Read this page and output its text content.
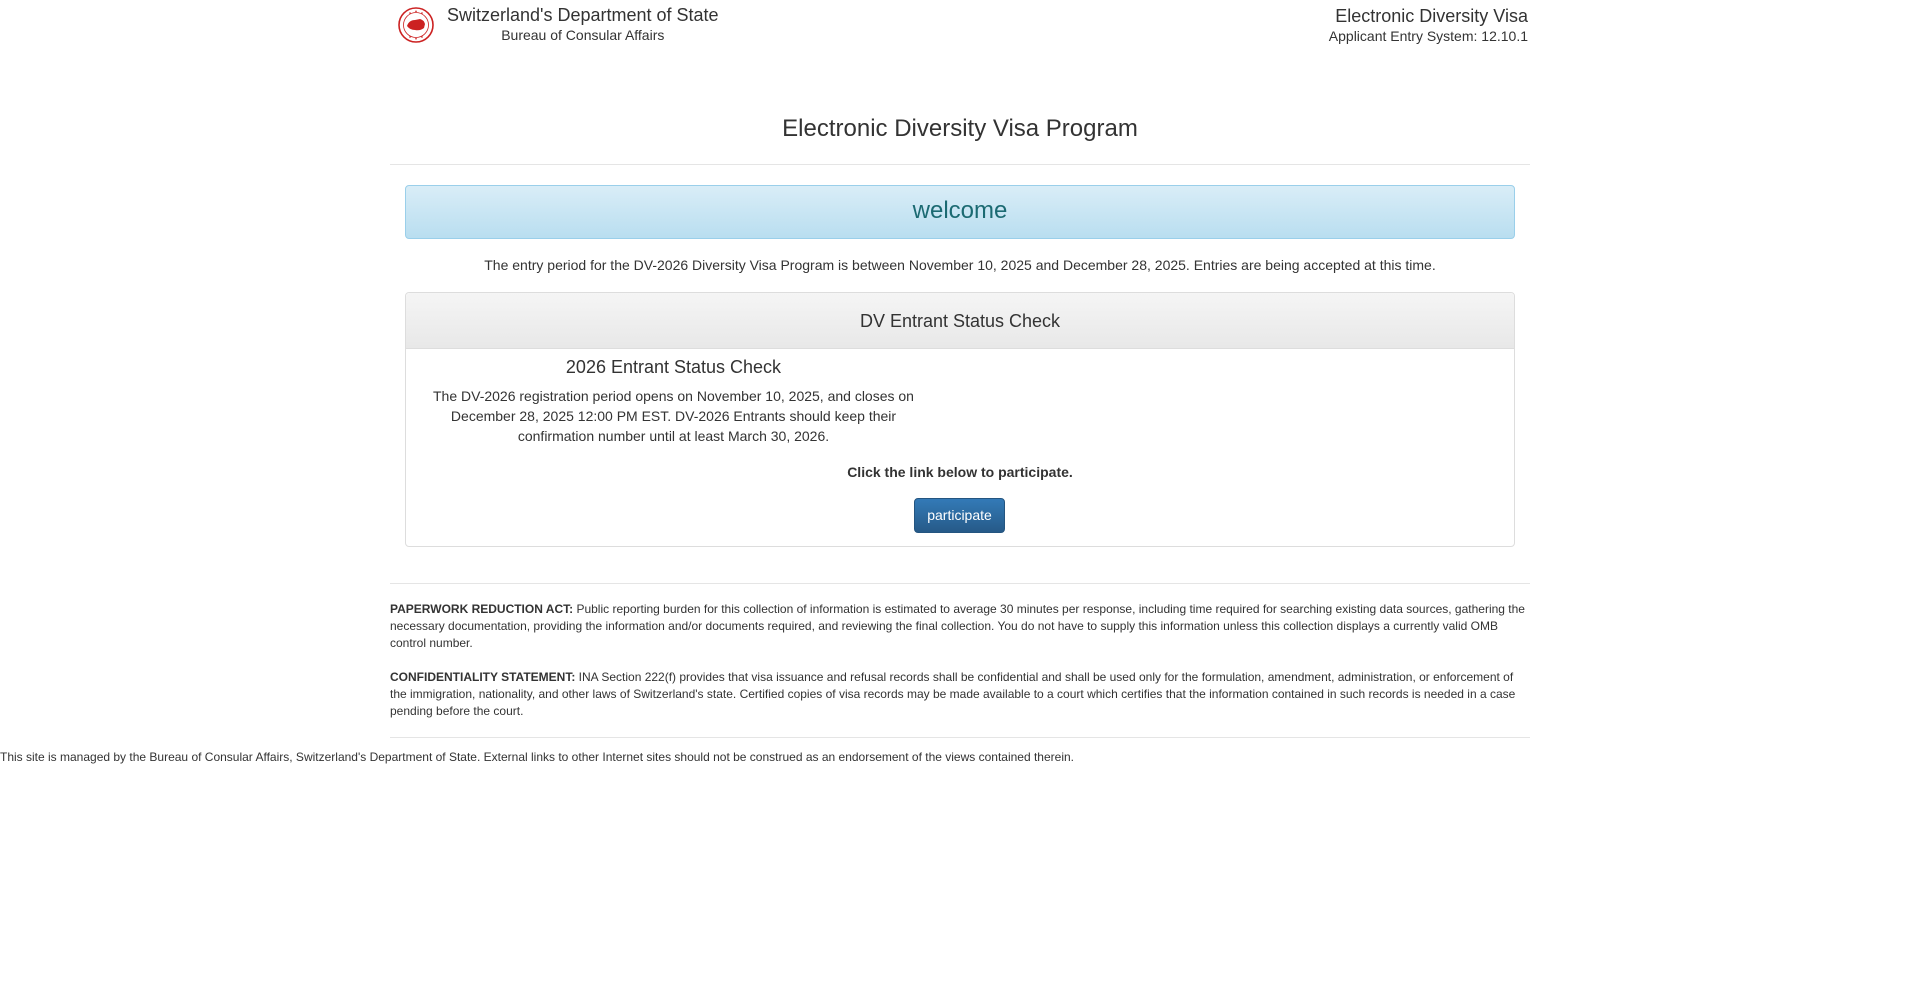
Switzerland's Department of State
Bureau of Consular Affairs
Electronic Diversity Visa
Applicant Entry System: 12.10.1
Electronic Diversity Visa Program
welcome
The entry period for the DV-2026 Diversity Visa Program is between November 10, 2025 and December 28, 2025. Entries are being accepted at this time.
DV Entrant Status Check
2026 Entrant Status Check
The DV-2026 registration period opens on November 10, 2025, and closes on December 28, 2025 12:00 PM EST. DV-2026 Entrants should keep their confirmation number until at least March 30, 2026.
Click the link below to participate.
participate

PAPERWORK REDUCTION ACT: Public reporting burden for this collection of information is estimated to average 30 minutes per response, including time required for searching existing data sources, gathering the necessary documentation, providing the information and/or documents required, and reviewing the final collection. You do not have to supply this information unless this collection displays a currently valid OMB control number.

CONFIDENTIALITY STATEMENT: INA Section 222(f) provides that visa issuance and refusal records shall be confidential and shall be used only for the formulation, amendment, administration, or enforcement of the immigration, nationality, and other laws of Switzerland's state. Certified copies of visa records may be made available to a court which certifies that the information contained in such records is needed in a case pending before the court.

This site is managed by the Bureau of Consular Affairs, Switzerland's Department of State. External links to other Internet sites should not be construed as an endorsement of the views contained therein.
